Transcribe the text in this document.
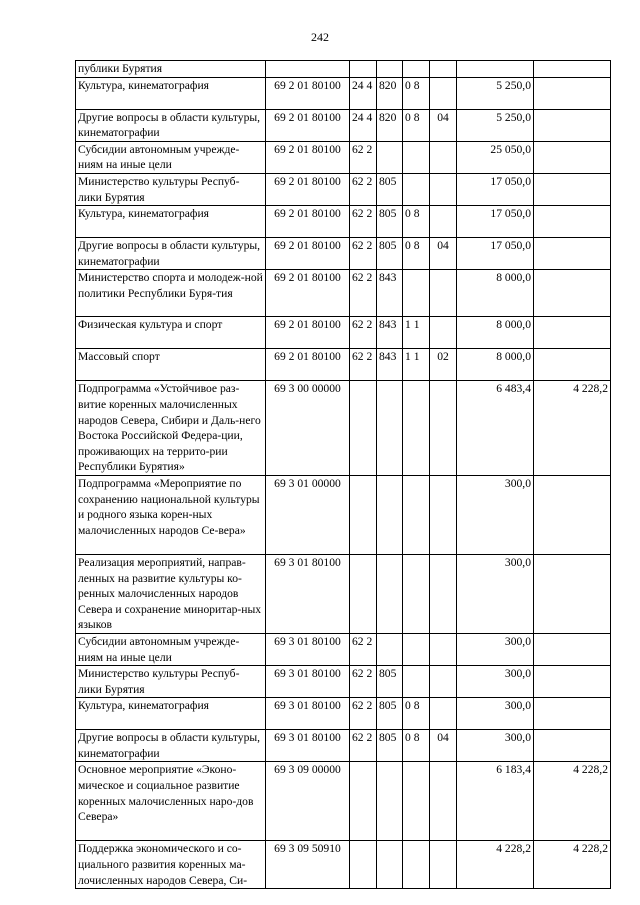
242
публики Бурятия							
Культура, кинематография	69 2 01 80100	24 4	820	0 8		5 250,0	
Другие вопросы в области культуры, кинематографии	69 2 01 80100	24 4	820	0 8	04	5 250,0	
Субсидии автономным учрежде-ниям на иные цели	69 2 01 80100	62 2				25 050,0	
Министерство культуры Респуб-лики Бурятия	69 2 01 80100	62 2	805			17 050,0	
Культура, кинематография	69 2 01 80100	62 2	805	0 8		17 050,0	
Другие вопросы в области культуры, кинематографии	69 2 01 80100	62 2	805	0 8	04	17 050,0	
Министерство спорта и молодеж-ной политики Республики Буря-тия	69 2 01 80100	62 2	843			8 000,0	
Физическая культура и спорт	69 2 01 80100	62 2	843	1 1		8 000,0	
Массовый спорт	69 2 01 80100	62 2	843	1 1	02	8 000,0	
Подпрограмма «Устойчивое раз-витие коренных малочисленных народов Севера, Сибири и Даль-него Востока Российской Федера-ции, проживающих на террито-рии Республики Бурятия»	69 3 00 00000					6 483,4	4 228,2
Подпрограмма «Мероприятие по сохранению национальной культуры и родного языка корен-ных малочисленных народов Се-вера»	69 3 01 00000					300,0	
Реализация мероприятий, направ-ленных на развитие культуры ко-ренных малочисленных народов Севера и сохранение миноритар-ных языков	69 3 01 80100					300,0	
Субсидии автономным учрежде-ниям на иные цели	69 3 01 80100	62 2				300,0	
Министерство культуры Респуб-лики Бурятия	69 3 01 80100	62 2	805			300,0	
Культура, кинематография	69 3 01 80100	62 2	805	0 8		300,0	
Другие вопросы в области культуры, кинематографии	69 3 01 80100	62 2	805	0 8	04	300,0	
Основное мероприятие «Эконо-мическое и социальное развитие коренных малочисленных наро-дов Севера»	69 3 09 00000					6 183,4	4 228,2
Поддержка экономического и со-циального развития коренных ма-лочисленных народов Севера, Си-	69 3 09 50910					4 228,2	4 228,2
